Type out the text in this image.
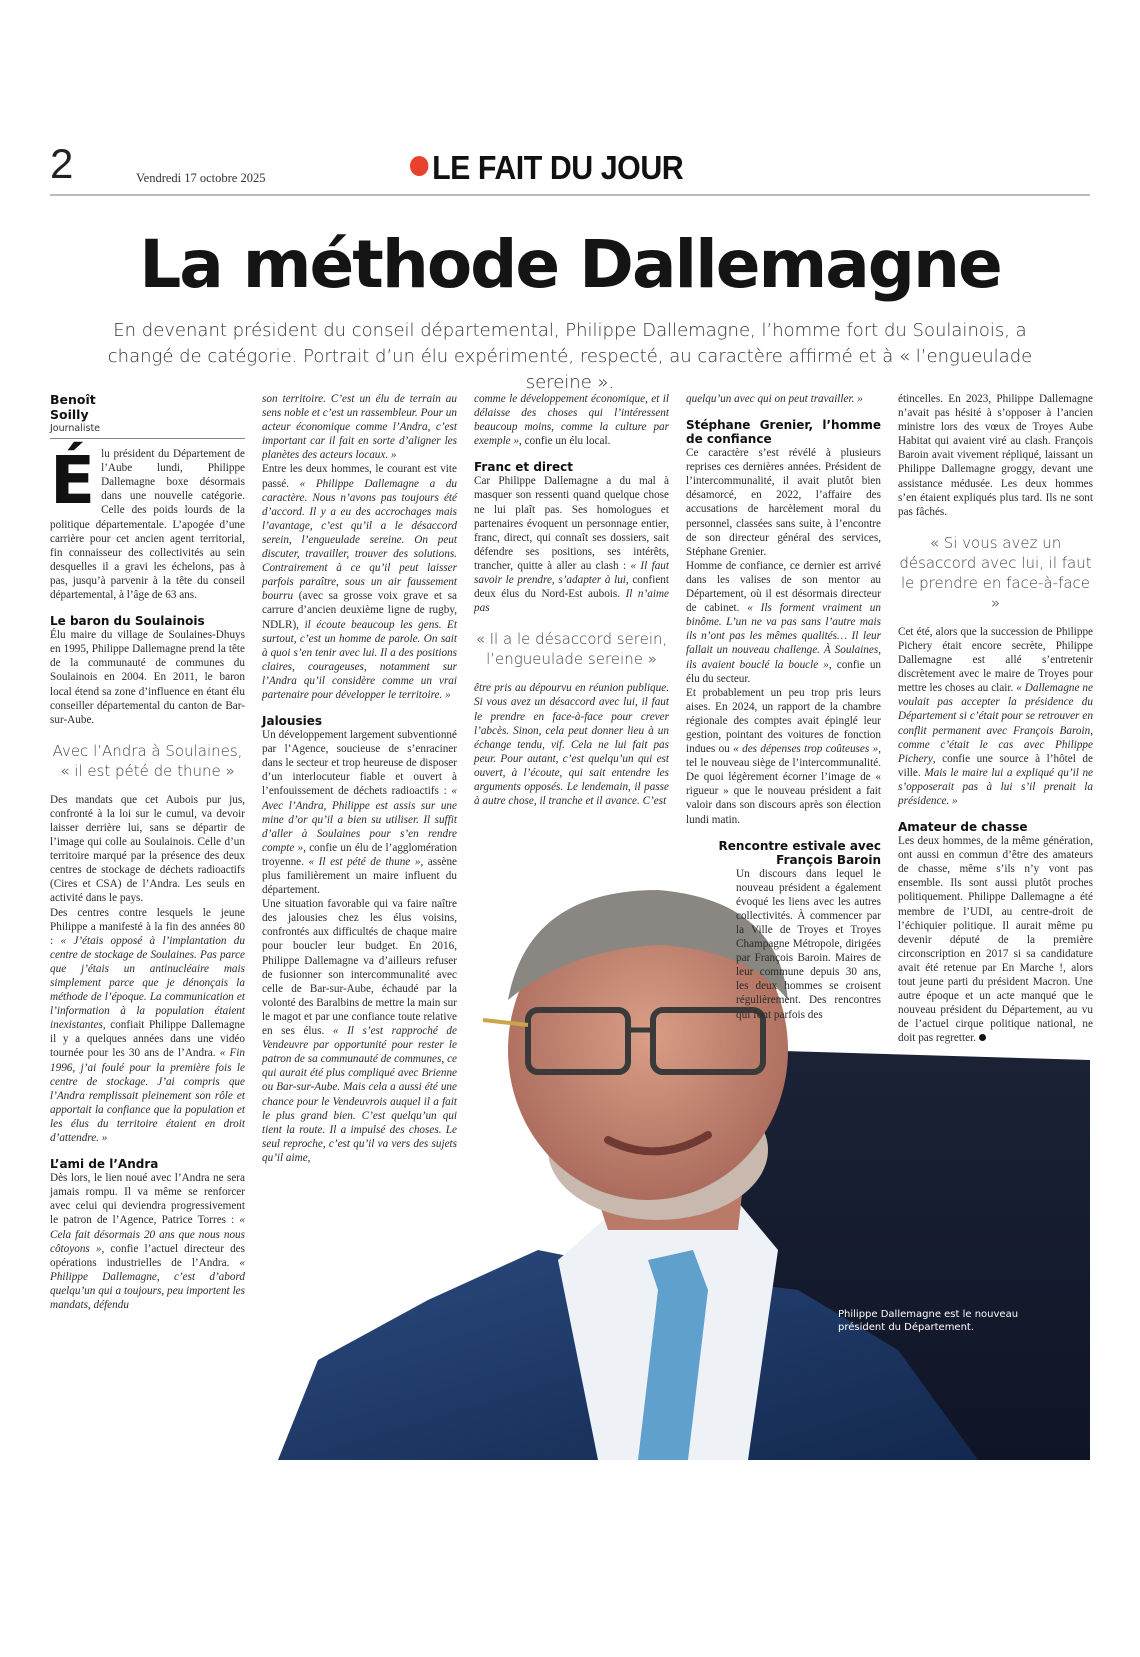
2	Vendredi 17 octobre 2025	LE FAIT DU JOUR
La méthode Dallemagne
En devenant président du conseil départemental, Philippe Dallemagne, l’homme fort du Soulainois, a changé de catégorie. Portrait d’un élu expérimenté, respecté, au caractère affirmé et à « l’engueulade sereine ».
Benoît
Soilly
Journaliste

Élu président du Département de l’Aube lundi, Philippe Dallemagne boxe désormais dans une nouvelle catégorie. Celle des poids lourds de la politique départementale. L’apogée d’une carrière pour cet ancien agent territorial, fin connaisseur des collectivités au sein desquelles il a gravi les échelons, pas à pas, jusqu’à parvenir à la tête du conseil départemental, à l’âge de 63 ans.

Le baron du Soulainois

Élu maire du village de Soulaines-Dhuys en 1995, Philippe Dallemagne prend la tête de la communauté de communes du Soulainois en 2004. En 2011, le baron local étend sa zone d’influence en étant élu conseiller départemental du canton de Bar-sur-Aube.

Avec l’Andra à Soulaines, « il est pété de thune »

Des mandats que cet Aubois pur jus, confronté à la loi sur le cumul, va devoir laisser derrière lui, sans se départir de l’image qui colle au Soulainois. Celle d’un territoire marqué par la présence des deux centres de stockage de déchets radioactifs (Cires et CSA) de l’Andra. Les seuls en activité dans le pays.

Des centres contre lesquels le jeune Philippe a manifesté à la fin des années 80 : « J’étais opposé à l’implantation du centre de stockage de Soulaines. Pas parce que j’étais un antinucléaire mais simplement parce que je dénonçais la méthode de l’époque. La communication et l’information à la population étaient inexistantes, confiait Philippe Dallemagne il y a quelques années dans une vidéo tournée pour les 30 ans de l’Andra. « Fin 1996, j’ai foulé pour la première fois le centre de stockage. J’ai compris que l’Andra remplissait pleinement son rôle et apportait la confiance que la population et les élus du territoire étaient en droit d’attendre. »

L’ami de l’Andra

Dès lors, le lien noué avec l’Andra ne sera jamais rompu. Il va même se renforcer avec celui qui deviendra progressivement le patron de l’Agence, Patrice Torres : « Cela fait désormais 20 ans que nous nous côtoyons », confie l’actuel directeur des opérations industrielles de l’Andra. « Philippe Dallemagne, c’est d’abord quelqu’un qui a toujours, peu importent les mandats, défendu

son territoire. C’est un élu de terrain au sens noble et c’est un rassembleur. Pour un acteur économique comme l’Andra, c’est important car il fait en sorte d’aligner les planètes des acteurs locaux. »

Entre les deux hommes, le courant est vite passé. « Philippe Dallemagne a du caractère. Nous n’avons pas toujours été d’accord. Il y a eu des accrochages mais l’avantage, c’est qu’il a le désaccord serein, l’engueulade sereine. On peut discuter, travailler, trouver des solutions. Contrairement à ce qu’il peut laisser parfois paraître, sous un air faussement bourru (avec sa grosse voix grave et sa carrure d’ancien deuxième ligne de rugby, NDLR), il écoute beaucoup les gens. Et surtout, c’est un homme de parole. On sait à quoi s’en tenir avec lui. Il a des positions claires, courageuses, notamment sur l’Andra qu’il considère comme un vrai partenaire pour développer le territoire. »

Jalousies

Un développement largement subventionné par l’Agence, soucieuse de s’enraciner dans le secteur et trop heureuse de disposer d’un interlocuteur fiable et ouvert à l’enfouissement de déchets radioactifs : « Avec l’Andra, Philippe est assis sur une mine d’or qu’il a bien su utiliser. Il suffit d’aller à Soulaines pour s’en rendre compte », confie un élu de l’agglomération troyenne. « Il est pété de thune », assène plus familièrement un maire influent du département.

Une situation favorable qui va faire naître des jalousies chez les élus voisins, confrontés aux difficultés de chaque maire pour boucler leur budget. En 2016, Philippe Dallemagne va d’ailleurs refuser de fusionner son intercommunalité avec celle de Bar-sur-Aube, échaudé par la volonté des Baralbins de mettre la main sur le magot et par une confiance toute relative en ses élus. « Il s’est rapproché de Vendeuvre par opportunité pour rester le patron de sa communauté de communes, ce qui aurait été plus compliqué avec Brienne ou Bar-sur-Aube. Mais cela a aussi été une chance pour le Vendeuvrois auquel il a fait le plus grand bien. C’est quelqu’un qui tient la route. Il a impulsé des choses. Le seul reproche, c’est qu’il va vers des sujets qu’il aime,

comme le développement économique, et il délaisse des choses qui l’intéressent beaucoup moins, comme la culture par exemple », confie un élu local.

Franc et direct

Car Philippe Dallemagne a du mal à masquer son ressenti quand quelque chose ne lui plaît pas. Ses homologues et partenaires évoquent un personnage entier, franc, direct, qui connaît ses dossiers, sait défendre ses positions, ses intérêts, trancher, quitte à aller au clash : « Il faut savoir le prendre, s’adapter à lui, confient deux élus du Nord-Est aubois. Il n’aime pas

« Il a le désaccord serein, l’engueulade sereine »

être pris au dépourvu en réunion publique. Si vous avez un désaccord avec lui, il faut le prendre en face-à-face pour crever l’abcès. Sinon, cela peut donner lieu à un échange tendu, vif. Cela ne lui fait pas peur. Pour autant, c’est quelqu’un qui est ouvert, à l’écoute, qui sait entendre les arguments opposés. Le lendemain, il passe à autre chose, il tranche et il avance. C’est

quelqu’un avec qui on peut travailler. »

Stéphane Grenier, l’homme de confiance

Ce caractère s’est révélé à plusieurs reprises ces dernières années. Président de l’intercommunalité, il avait plutôt bien désamorcé, en 2022, l’affaire des accusations de harcèlement moral du personnel, classées sans suite, à l’encontre de son directeur général des services, Stéphane Grenier.

Homme de confiance, ce dernier est arrivé dans les valises de son mentor au Département, où il est désormais directeur de cabinet. « Ils forment vraiment un binôme. L’un ne va pas sans l’autre mais ils n’ont pas les mêmes qualités… Il leur fallait un nouveau challenge. À Soulaines, ils avaient bouclé la boucle », confie un élu du secteur.

Et probablement un peu trop pris leurs aises. En 2024, un rapport de la chambre régionale des comptes avait épinglé leur gestion, pointant des voitures de fonction indues ou « des dépenses trop coûteuses », tel le nouveau siège de l’intercommunalité. De quoi légèrement écorner l’image de « rigueur » que le nouveau président a fait valoir dans son discours après son élection lundi matin.

Rencontre estivale avec François Baroin

Un discours dans lequel le nouveau président a également évoqué les liens avec les autres collectivités. À commencer par la Ville de Troyes et Troyes Champagne Métropole, dirigées par François Baroin. Maires de leur commune depuis 30 ans, les deux hommes se croisent régulièrement. Des rencontres qui font parfois des

étincelles. En 2023, Philippe Dallemagne n’avait pas hésité à s’opposer à l’ancien ministre lors des vœux de Troyes Aube Habitat qui avaient viré au clash. François Baroin avait vivement répliqué, laissant un Philippe Dallemagne groggy, devant une assistance médusée. Les deux hommes s’en étaient expliqués plus tard. Ils ne sont pas fâchés.

« Si vous avez un désaccord avec lui, il faut le prendre en face-à-face »

Cet été, alors que la succession de Philippe Pichery était encore secrète, Philippe Dallemagne est allé s’entretenir discrètement avec le maire de Troyes pour mettre les choses au clair. « Dallemagne ne voulait pas accepter la présidence du Département si c’était pour se retrouver en conflit permanent avec François Baroin, comme c’était le cas avec Philippe Pichery, confie une source à l’hôtel de ville. Mais le maire lui a expliqué qu’il ne s’opposerait pas à lui s’il prenait la présidence. »

Amateur de chasse

Les deux hommes, de la même génération, ont aussi en commun d’être des amateurs de chasse, même s’ils n’y vont pas ensemble. Ils sont aussi plutôt proches politiquement. Philippe Dallemagne a été membre de l’UDI, au centre-droit de l’échiquier politique. Il aurait même pu devenir député de la première circonscription en 2017 si sa candidature avait été retenue par En Marche !, alors tout jeune parti du président Macron. Une autre époque et un acte manqué que le nouveau président du Département, au vu de l’actuel cirque politique national, ne doit pas regretter.

Philippe Dallemagne est le nouveau président du Département.
